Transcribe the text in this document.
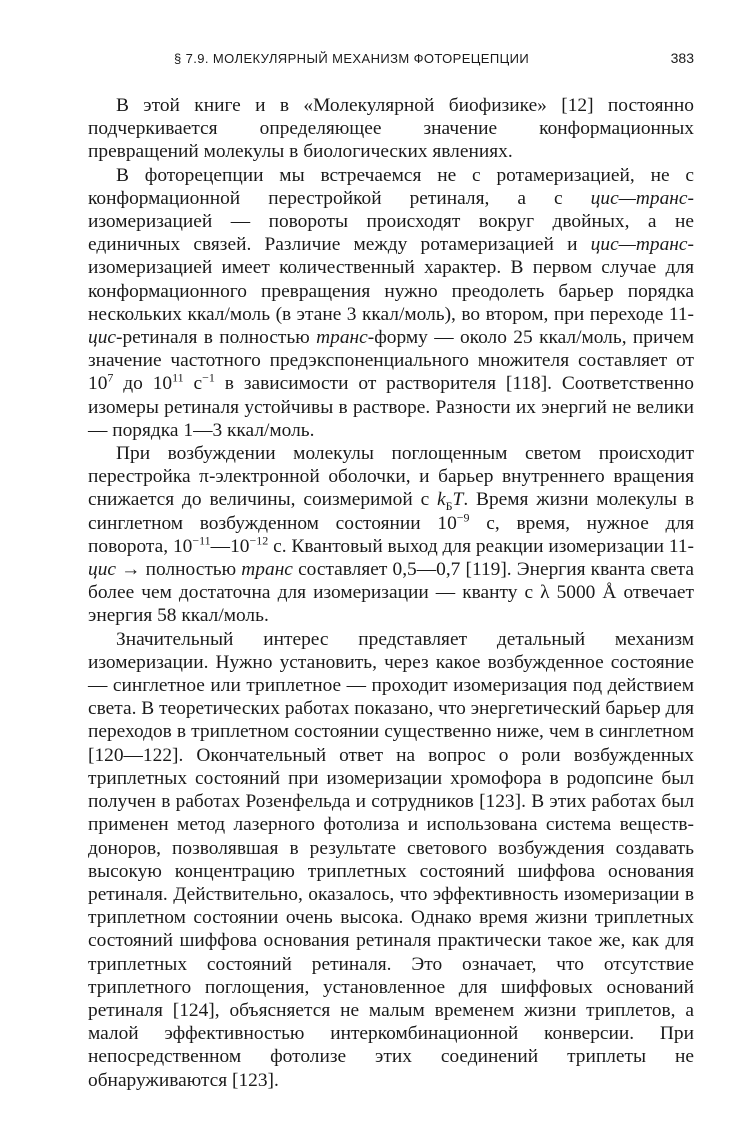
§ 7.9. МОЛЕКУЛЯРНЫЙ МЕХАНИЗМ ФОТОРЕЦЕПЦИИ	383

В этой книге и в «Молекулярной биофизике» [12] постоянно подчеркивается определяющее значение конформационных превращений молекулы в биологических явлениях.

В фоторецепции мы встречаемся не с ротамеризацией, не с конформационной перестройкой ретиналя, а с цис—транс-изомеризацией — повороты происходят вокруг двойных, а не единичных связей. Различие между ротамеризацией и цис—транс-изомеризацией имеет количественный характер. В первом случае для конформационного превращения нужно преодолеть барьер порядка нескольких ккал/моль (в этане 3 ккал/моль), во втором, при переходе 11-цис-ретиналя в полностью транс-форму — около 25 ккал/моль, причем значение частотного предэкспоненциального множителя составляет от $10^7$ до $10^{11}$ $с^{-1}$ в зависимости от растворителя [118]. Соответственно изомеры ретиналя устойчивы в растворе. Разности их энергий не велики — порядка 1—3 ккал/моль.

При возбуждении молекулы поглощенным светом происходит перестройка π-электронной оболочки, и барьер внутреннего вращения снижается до величины, соизмеримой с $k_БT$. Время жизни молекулы в синглетном возбужденном состоянии $10^{-9}$ с, время, нужное для поворота, $10^{-11}—10^{-12}$ с. Квантовый выход для реакции изомеризации 11-цис → полностью транс составляет 0,5—0,7 [119]. Энергия кванта света более чем достаточна для изомеризации — кванту с λ 5000 Å отвечает энергия 58 ккал/моль.

Значительный интерес представляет детальный механизм изомеризации. Нужно установить, через какое возбужденное состояние — синглетное или триплетное — проходит изомеризация под действием света. В теоретических работах показано, что энергетический барьер для переходов в триплетном состоянии существенно ниже, чем в синглетном [120—122]. Окончательный ответ на вопрос о роли возбужденных триплетных состояний при изомеризации хромофора в родопсине был получен в работах Розенфельда и сотрудников [123]. В этих работах был применен метод лазерного фотолиза и использована система веществ-доноров, позволявшая в результате светового возбуждения создавать высокую концентрацию триплетных состояний шиффова основания ретиналя. Действительно, оказалось, что эффективность изомеризации в триплетном состоянии очень высока. Однако время жизни триплетных состояний шиффова основания ретиналя практически такое же, как для триплетных состояний ретиналя. Это означает, что отсутствие триплетного поглощения, установленное для шиффовых оснований ретиналя [124], объясняется не малым временем жизни триплетов, а малой эффективностью интеркомбинационной конверсии. При непосредственном фотолизе этих соединений триплеты не обнаруживаются [123].
